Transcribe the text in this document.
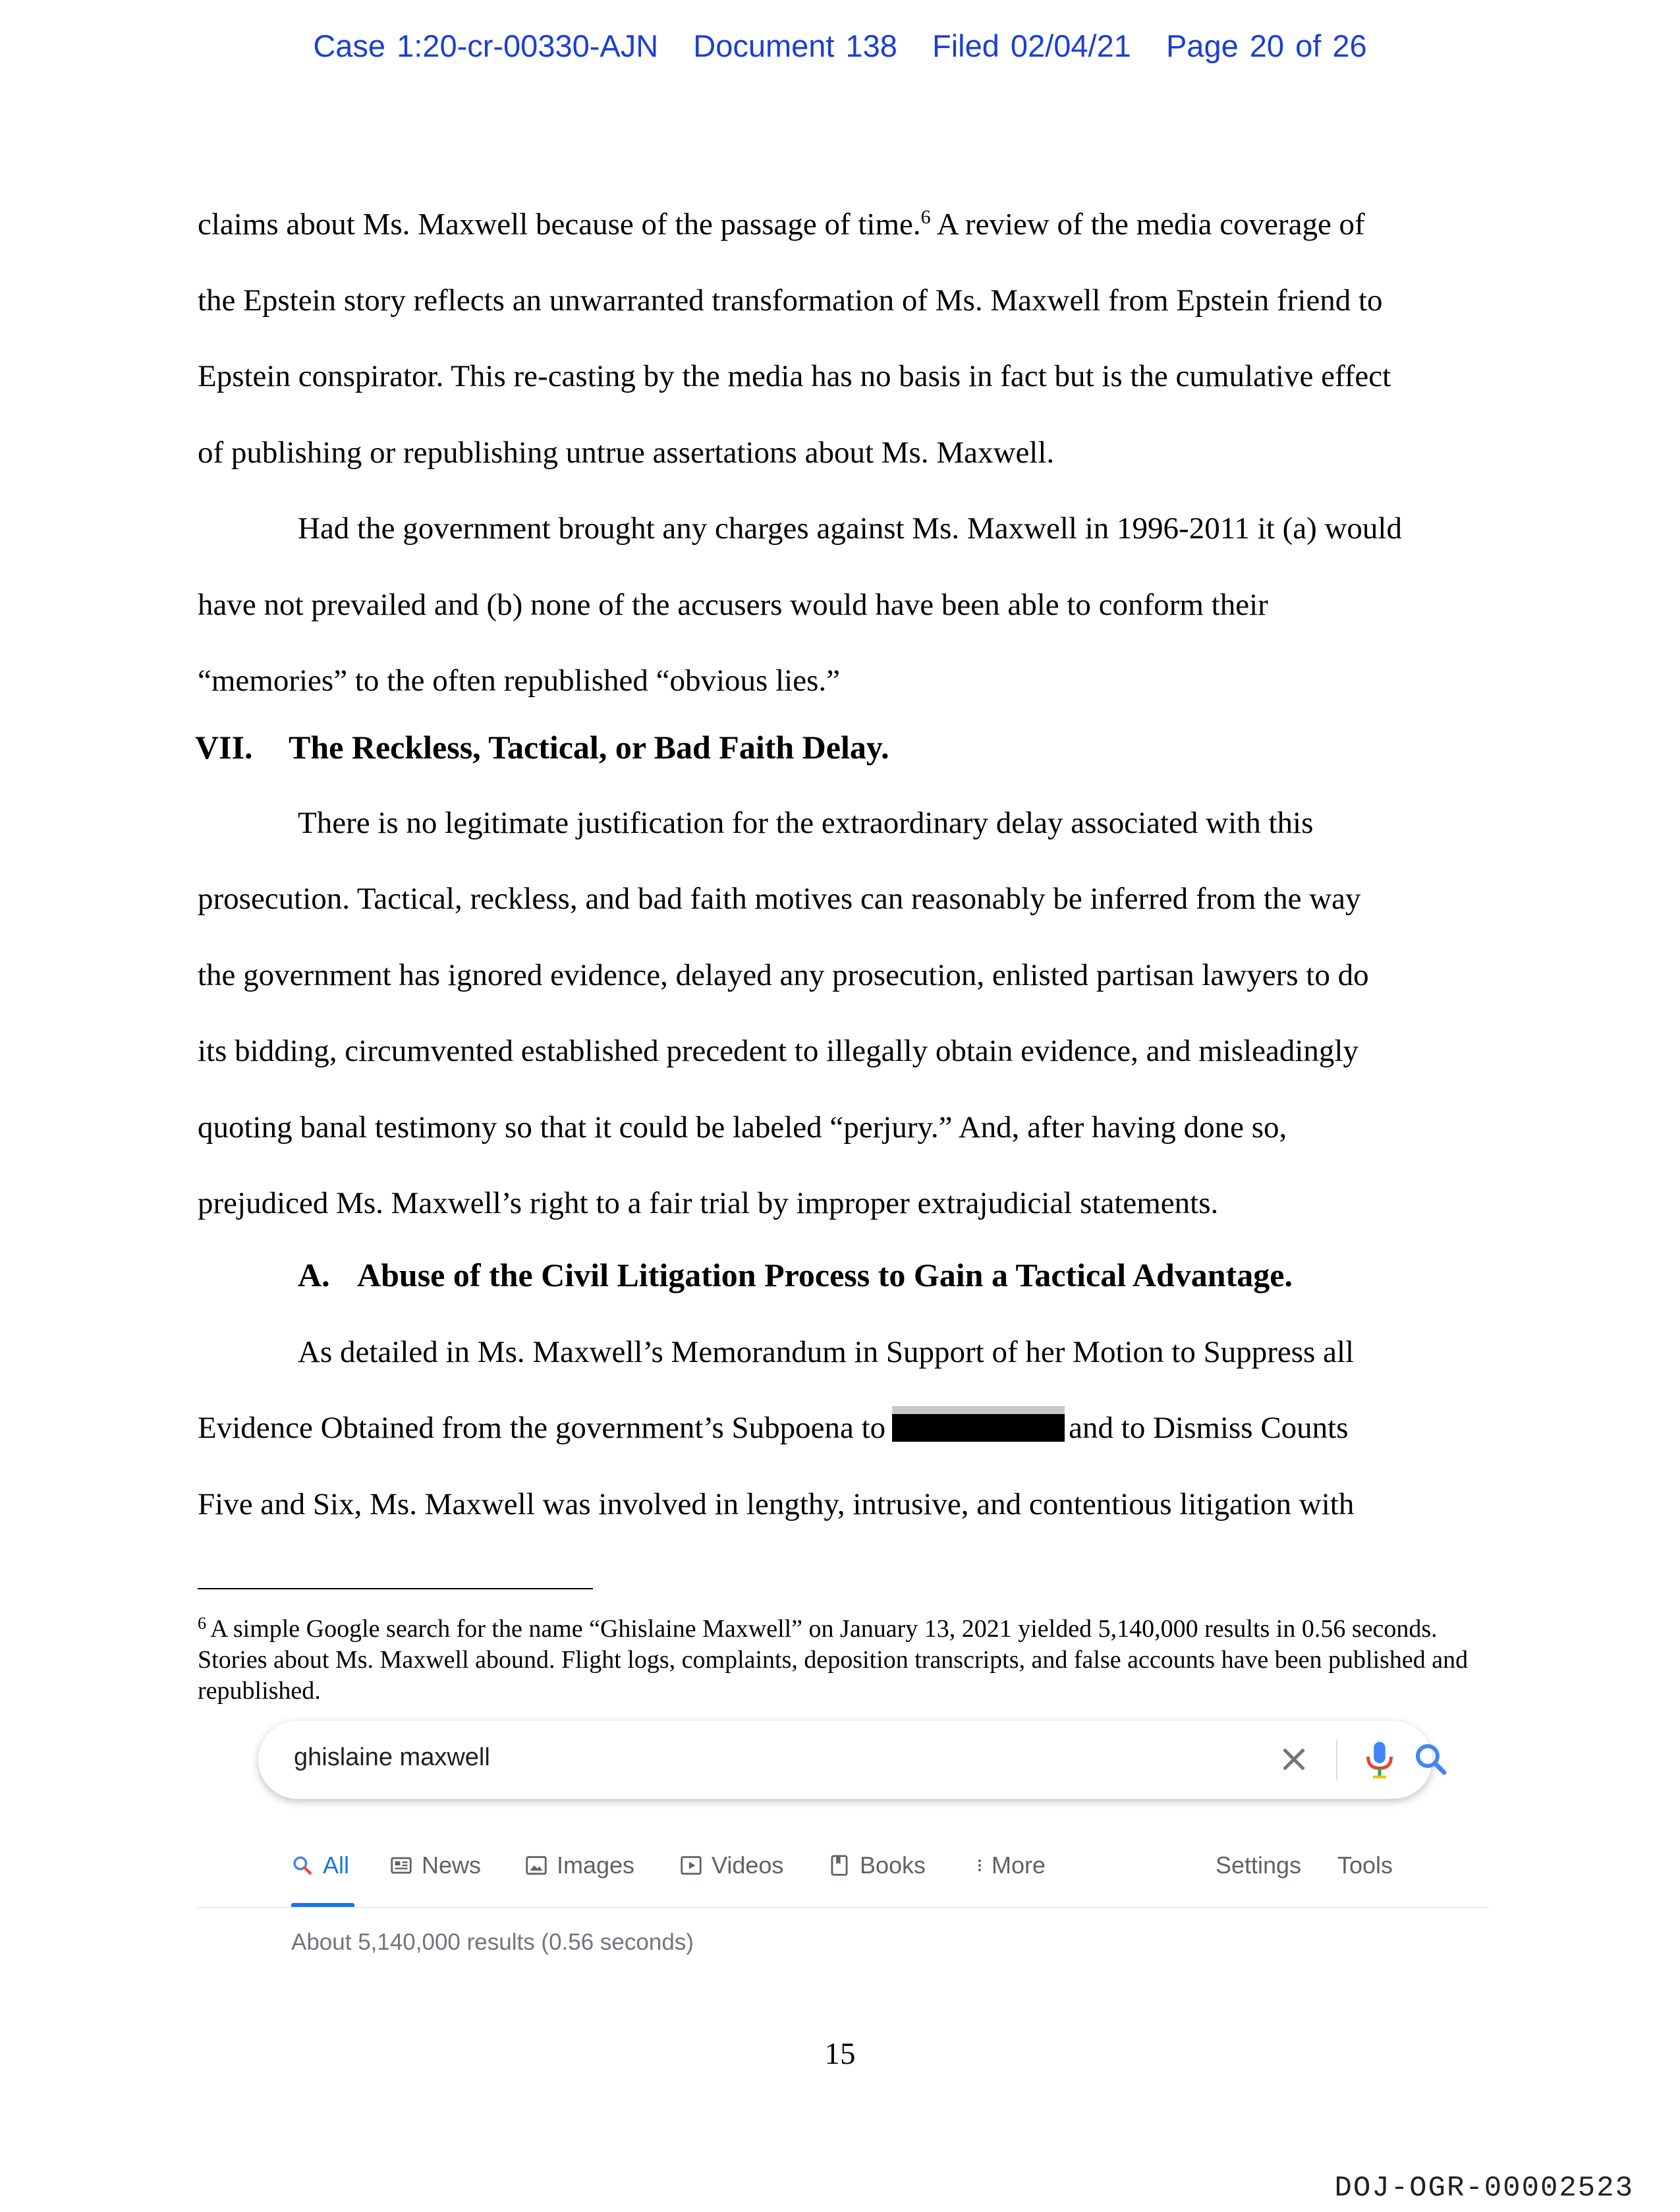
Case 1:20-cr-00330-AJN Document 138 Filed 02/04/21 Page 20 of 26
claims about Ms. Maxwell because of the passage of time.$^6$ A review of the media coverage of
the Epstein story reflects an unwarranted transformation of Ms. Maxwell from Epstein friend to
Epstein conspirator. This re-casting by the media has no basis in fact but is the cumulative effect
of publishing or republishing untrue assertations about Ms. Maxwell.
Had the government brought any charges against Ms. Maxwell in 1996-2011 it (a) would
have not prevailed and (b) none of the accusers would have been able to conform their
“memories” to the often republished “obvious lies.”
VII. The Reckless, Tactical, or Bad Faith Delay.
There is no legitimate justification for the extraordinary delay associated with this
prosecution. Tactical, reckless, and bad faith motives can reasonably be inferred from the way
the government has ignored evidence, delayed any prosecution, enlisted partisan lawyers to do
its bidding, circumvented established precedent to illegally obtain evidence, and misleadingly
quoting banal testimony so that it could be labeled “perjury.” And, after having done so,
prejudiced Ms. Maxwell’s right to a fair trial by improper extrajudicial statements.
A. Abuse of the Civil Litigation Process to Gain a Tactical Advantage.
As detailed in Ms. Maxwell’s Memorandum in Support of her Motion to Suppress all
Evidence Obtained from the government’s Subpoena to	and to Dismiss Counts
Five and Six, Ms. Maxwell was involved in lengthy, intrusive, and contentious litigation with
$^6$ A simple Google search for the name “Ghislaine Maxwell” on January 13, 2021 yielded 5,140,000 results in 0.56 seconds. Stories about Ms. Maxwell abound. Flight logs, complaints, deposition transcripts, and false accounts have been published and republished.
ghislaine maxwell
All	News	Images	Videos	Books	More	Settings Tools
About 5,140,000 results (0.56 seconds)
15
DOJ-OGR-00002523
